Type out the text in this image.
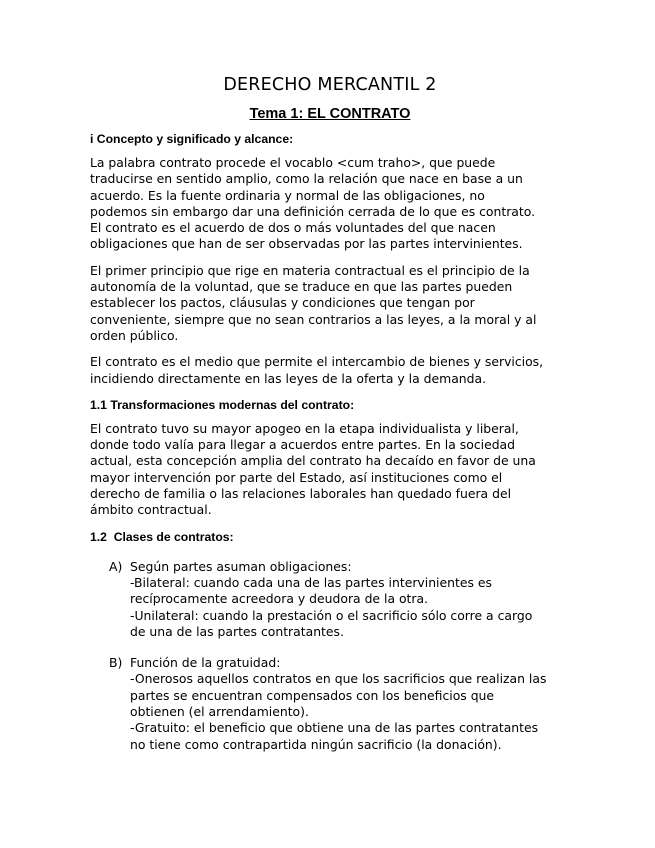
DERECHO MERCANTIL 2
Tema 1: EL CONTRATO
i Concepto y significado y alcance:

La palabra contrato procede el vocablo <cum traho>, que puede
traducirse en sentido amplio, como la relación que nace en base a un
acuerdo. Es la fuente ordinaria y normal de las obligaciones, no
podemos sin embargo dar una definición cerrada de lo que es contrato.
El contrato es el acuerdo de dos o más voluntades del que nacen
obligaciones que han de ser observadas por las partes intervinientes.

El primer principio que rige en materia contractual es el principio de la
autonomía de la voluntad, que se traduce en que las partes pueden
establecer los pactos, cláusulas y condiciones que tengan por
conveniente, siempre que no sean contrarios a las leyes, a la moral y al
orden público.

El contrato es el medio que permite el intercambio de bienes y servicios,
incidiendo directamente en las leyes de la oferta y la demanda.

1.1 Transformaciones modernas del contrato:

El contrato tuvo su mayor apogeo en la etapa individualista y liberal,
donde todo valía para llegar a acuerdos entre partes. En la sociedad
actual, esta concepción amplia del contrato ha decaído en favor de una
mayor intervención por parte del Estado, así instituciones como el
derecho de familia o las relaciones laborales han quedado fuera del
ámbito contractual.

1.2  Clases de contratos:
A) Según partes asuman obligaciones:
-Bilateral: cuando cada una de las partes intervinientes es
recíprocamente acreedora y deudora de la otra.
-Unilateral: cuando la prestación o el sacrificio sólo corre a cargo
de una de las partes contratantes.
B) Función de la gratuidad:
-Onerosos aquellos contratos en que los sacrificios que realizan las
partes se encuentran compensados con los beneficios que
obtienen (el arrendamiento).
-Gratuito: el beneficio que obtiene una de las partes contratantes
no tiene como contrapartida ningún sacrificio (la donación).
